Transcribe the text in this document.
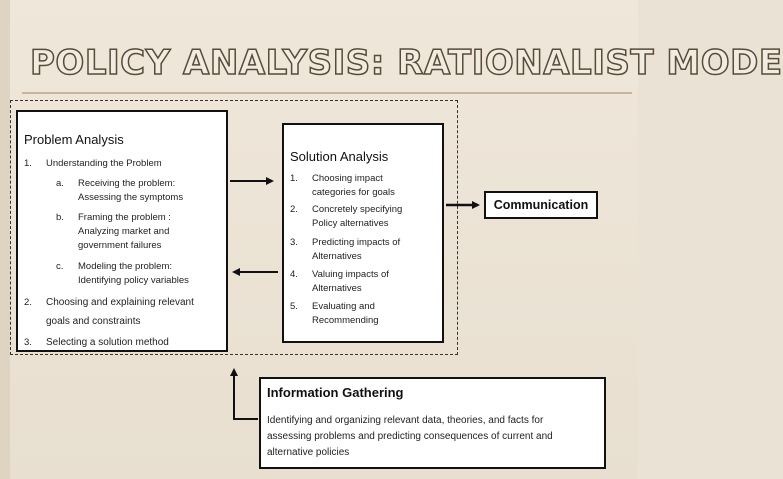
POLICY ANALYSIS: RATIONALIST MODE
Problem Analysis
1. Understanding the Problem
a. Receiving the problem:
Assessing the symptoms
b. Framing the problem :
Analyzing market and
government failures
c. Modeling the problem:
Identifying policy variables
2. Choosing and explaining relevant
goals and constraints
3. Selecting a solution method
Solution Analysis
1. Choosing impact
categories for goals
2. Concretely specifying
Policy alternatives
3. Predicting impacts of
Alternatives
4. Valuing impacts of
Alternatives
5. Evaluating and
Recommending
Communication
Information Gathering
Identifying and organizing relevant data, theories, and facts for
assessing problems and predicting consequences of current and
alternative policies
